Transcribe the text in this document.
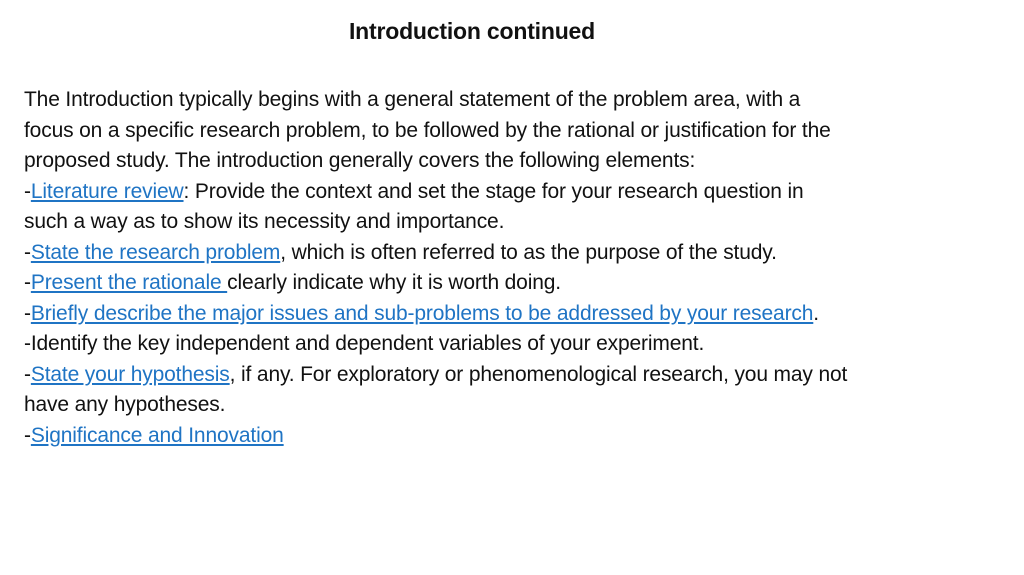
Introduction continued
The Introduction typically begins with a general statement of the problem area, with a
focus on a specific research problem, to be followed by the rational or justification for the
proposed study. The introduction generally covers the following elements:
-Literature review: Provide the context and set the stage for your research question in
such a way as to show its necessity and importance.
-State the research problem, which is often referred to as the purpose of the study.
-Present the rationale clearly indicate why it is worth doing.
-Briefly describe the major issues and sub-problems to be addressed by your research.
-Identify the key independent and dependent variables of your experiment.
-State your hypothesis, if any. For exploratory or phenomenological research, you may not
have any hypotheses.
-Significance and Innovation
